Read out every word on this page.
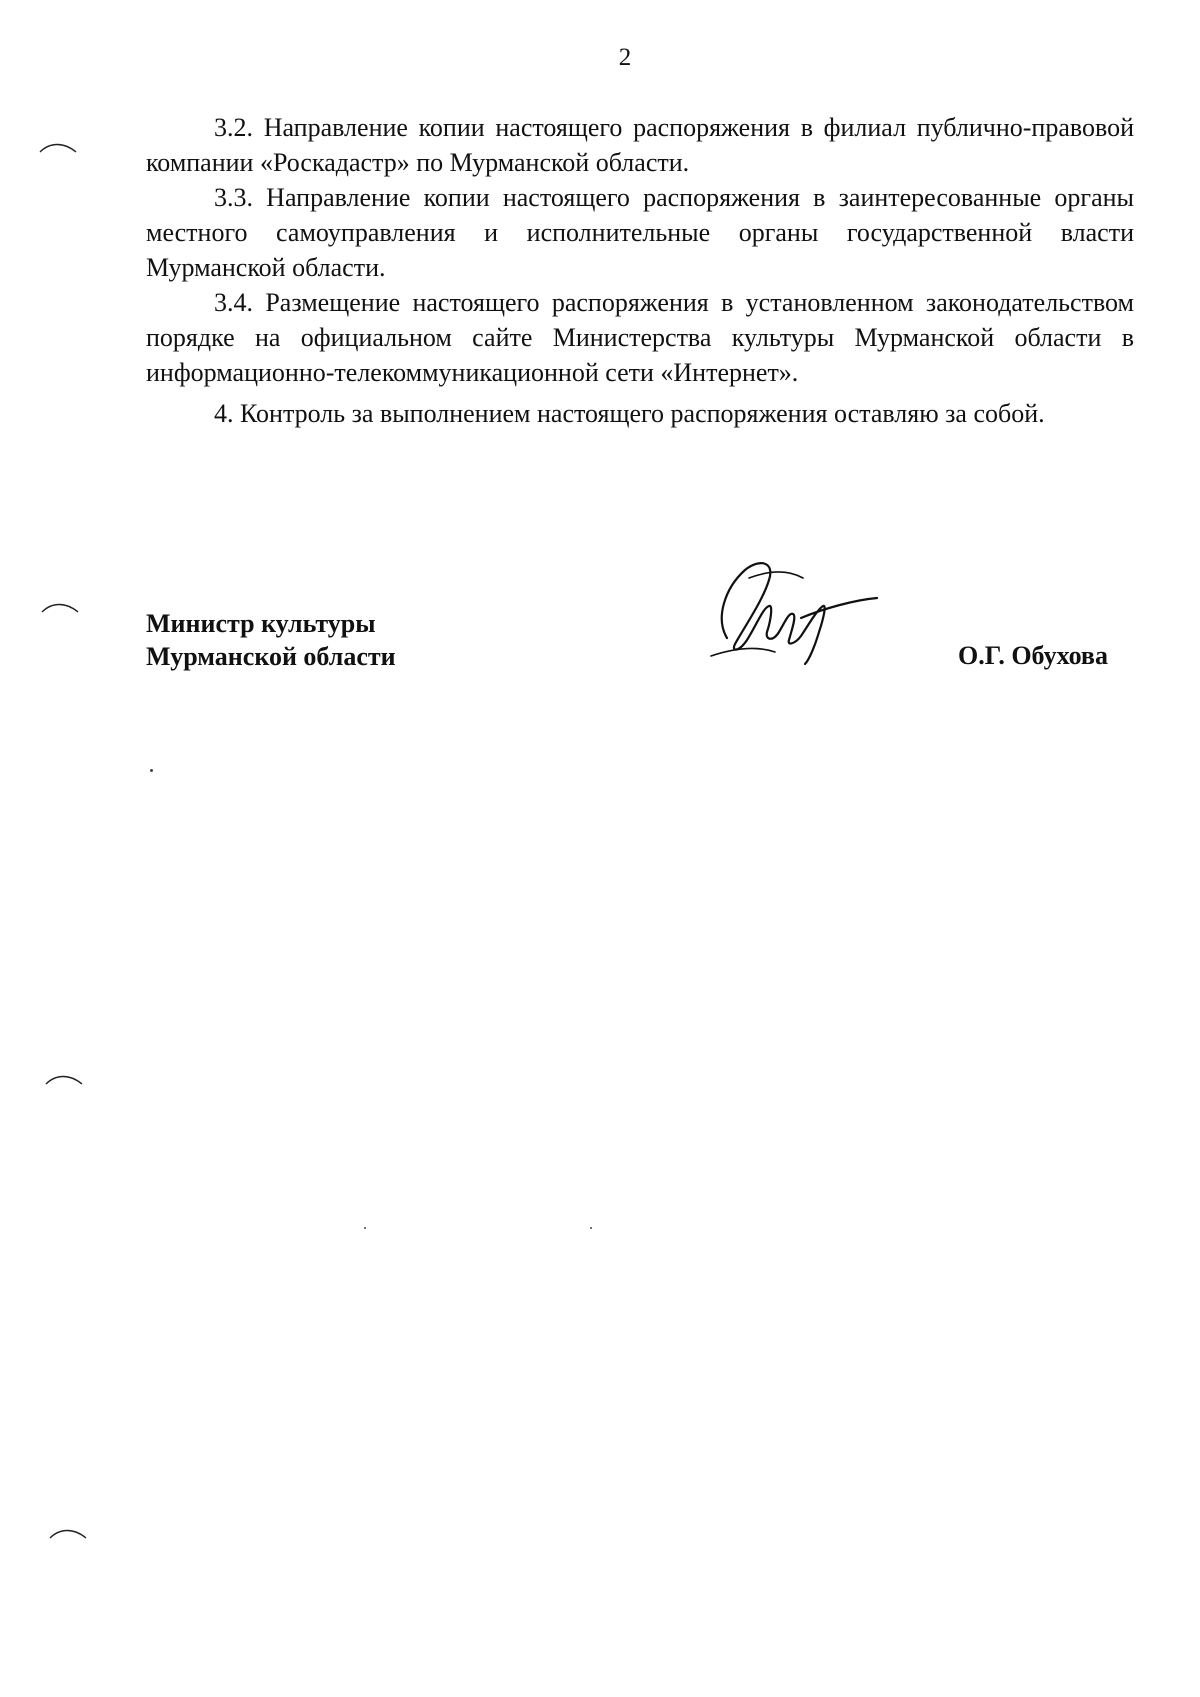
2

3.2. Направление копии настоящего распоряжения в филиал публично-правовой компании «Роскадастр» по Мурманской области.

3.3. Направление копии настоящего распоряжения в заинтересованные органы местного самоуправления и исполнительные органы государственной власти Мурманской области.

3.4. Размещение настоящего распоряжения в установленном законодательством порядке на официальном сайте Министерства культуры Мурманской области в информационно-телекоммуникационной сети «Интернет».

4. Контроль за выполнением настоящего распоряжения оставляю за собой.

Министр культуры
Мурманской области	О.Г. Обухова
